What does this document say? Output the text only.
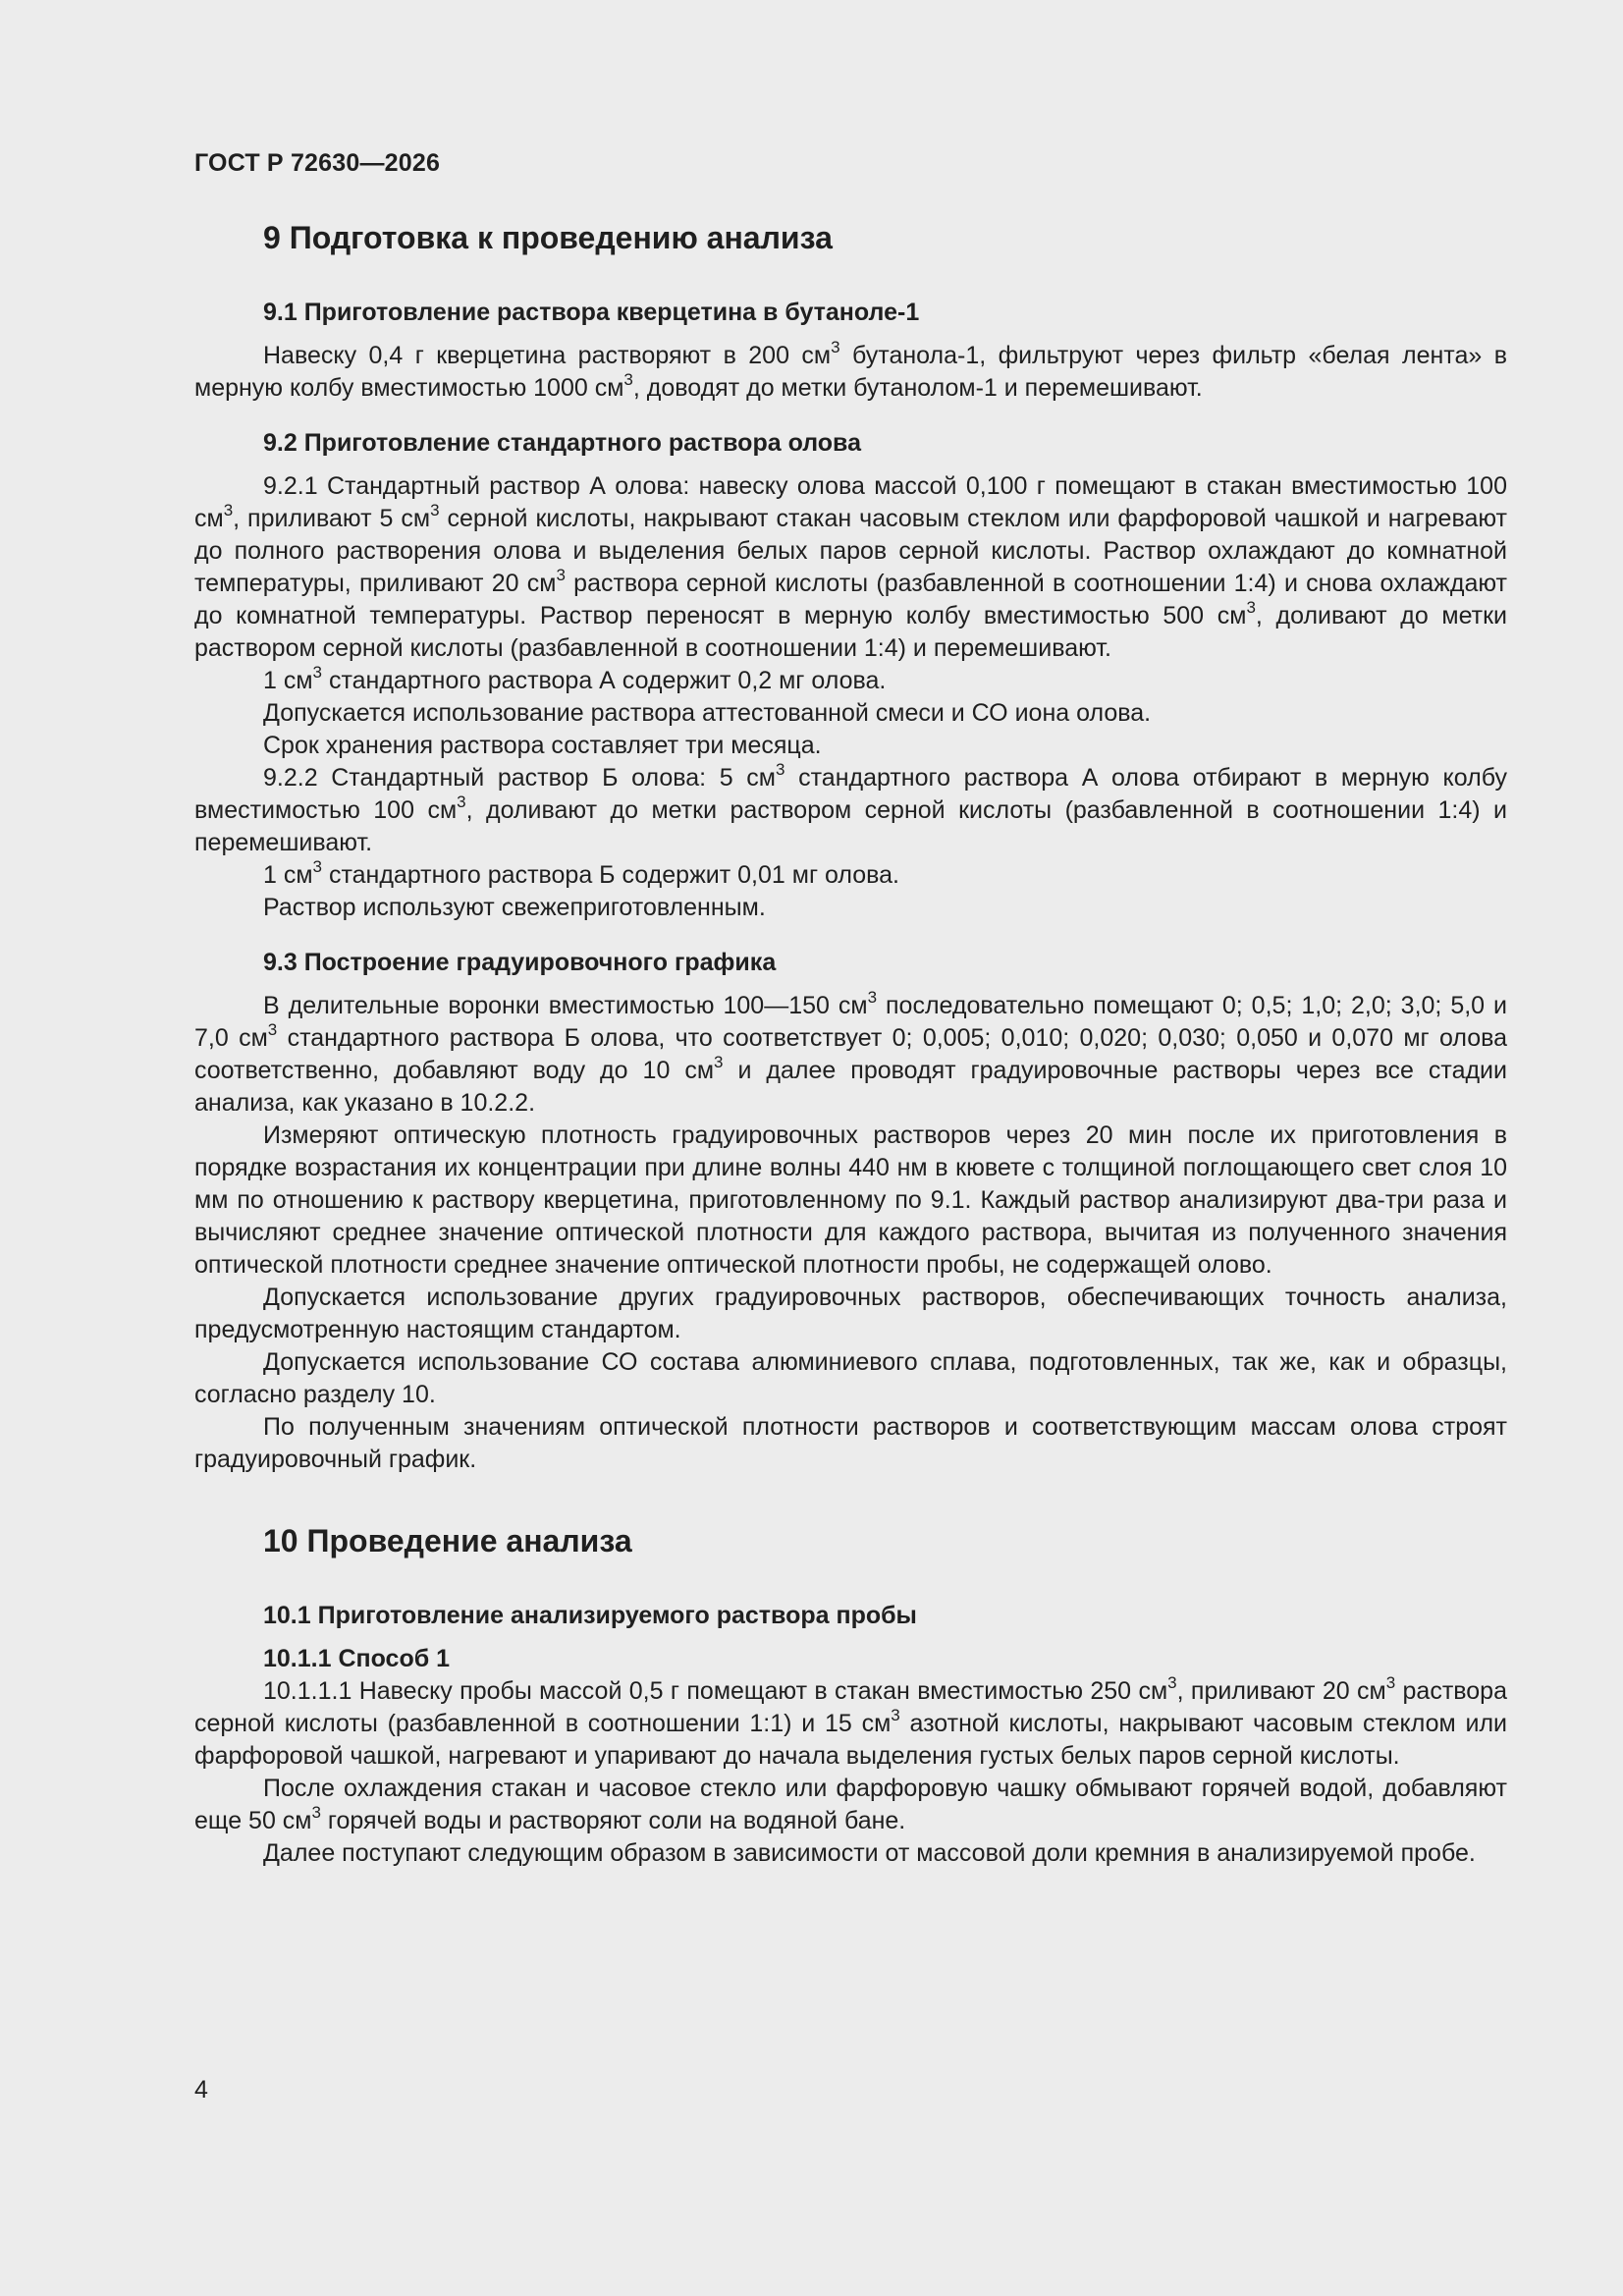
ГОСТ Р 72630—2026
9 Подготовка к проведению анализа
9.1 Приготовление раствора кверцетина в бутаноле-1

Навеску 0,4 г кверцетина растворяют в 200 $см^3$ бутанола-1, фильтруют через фильтр «белая лента» в мерную колбу вместимостью 1000 $см^3$, доводят до метки бутанолом-1 и перемешивают.

9.2 Приготовление стандартного раствора олова

9.2.1 Стандартный раствор А олова: навеску олова массой 0,100 г помещают в стакан вместимостью 100 $см^3$, приливают 5 $см^3$ серной кислоты, накрывают стакан часовым стеклом или фарфоровой чашкой и нагревают до полного растворения олова и выделения белых паров серной кислоты. Раствор охлаждают до комнатной температуры, приливают 20 $см^3$ раствора серной кислоты (разбавленной в соотношении 1:4) и снова охлаждают до комнатной температуры. Раствор переносят в мерную колбу вместимостью 500 $см^3$, доливают до метки раствором серной кислоты (разбавленной в соотношении 1:4) и перемешивают.

1 $см^3$ стандартного раствора А содержит 0,2 мг олова.

Допускается использование раствора аттестованной смеси и СО иона олова.

Срок хранения раствора составляет три месяца.

9.2.2 Стандартный раствор Б олова: 5 $см^3$ стандартного раствора А олова отбирают в мерную колбу вместимостью 100 $см^3$, доливают до метки раствором серной кислоты (разбавленной в соотношении 1:4) и перемешивают.

1 $см^3$ стандартного раствора Б содержит 0,01 мг олова.

Раствор используют свежеприготовленным.

9.3 Построение градуировочного графика

В делительные воронки вместимостью 100—150 $см^3$ последовательно помещают 0; 0,5; 1,0; 2,0; 3,0; 5,0 и 7,0 $см^3$ стандартного раствора Б олова, что соответствует 0; 0,005; 0,010; 0,020; 0,030; 0,050 и 0,070 мг олова соответственно, добавляют воду до 10 $см^3$ и далее проводят градуировочные растворы через все стадии анализа, как указано в 10.2.2.

Измеряют оптическую плотность градуировочных растворов через 20 мин после их приготовления в порядке возрастания их концентрации при длине волны 440 нм в кювете с толщиной поглощающего свет слоя 10 мм по отношению к раствору кверцетина, приготовленному по 9.1. Каждый раствор анализируют два-три раза и вычисляют среднее значение оптической плотности для каждого раствора, вычитая из полученного значения оптической плотности среднее значение оптической плотности пробы, не содержащей олово.

Допускается использование других градуировочных растворов, обеспечивающих точность анализа, предусмотренную настоящим стандартом.

Допускается использование СО состава алюминиевого сплава, подготовленных, так же, как и образцы, согласно разделу 10.

По полученным значениям оптической плотности растворов и соответствующим массам олова строят градуировочный график.

10 Проведение анализа
10.1 Приготовление анализируемого раствора пробы
10.1.1 Способ 1

10.1.1.1 Навеску пробы массой 0,5 г помещают в стакан вместимостью 250 $см^3$, приливают 20 $см^3$ раствора серной кислоты (разбавленной в соотношении 1:1) и 15 $см^3$ азотной кислоты, накрывают часовым стеклом или фарфоровой чашкой, нагревают и упаривают до начала выделения густых белых паров серной кислоты.

После охлаждения стакан и часовое стекло или фарфоровую чашку обмывают горячей водой, добавляют еще 50 $см^3$ горячей воды и растворяют соли на водяной бане.

Далее поступают следующим образом в зависимости от массовой доли кремния в анализируемой пробе.

4
